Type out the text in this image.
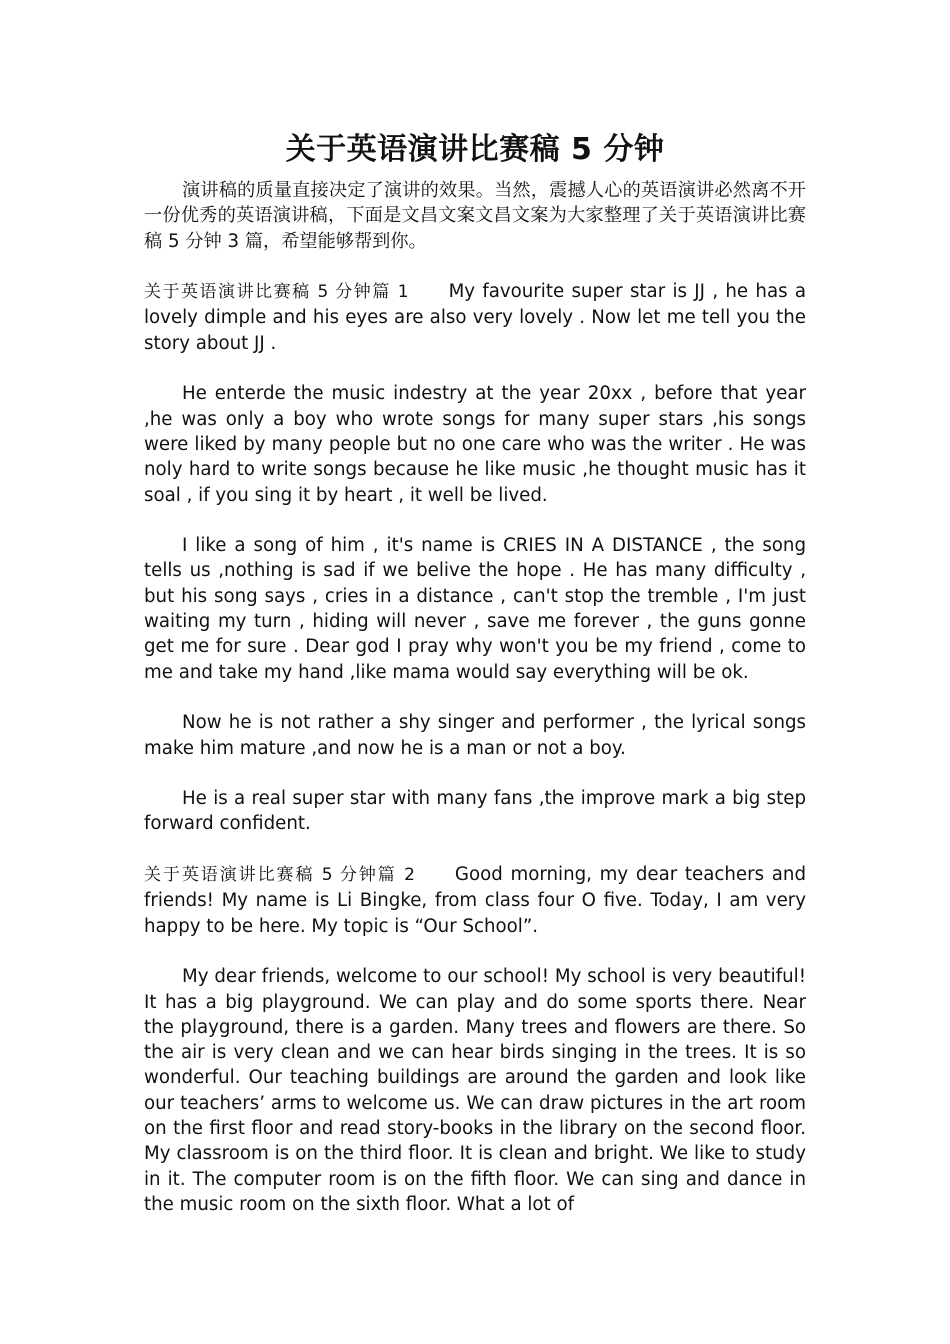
关于英语演讲比赛稿 5 分钟

演讲稿的质量直接决定了演讲的效果。当然，震撼人心的英语演讲必然离不开一份优秀的英语演讲稿，下面是文昌文案文昌文案为大家整理了关于英语演讲比赛稿 5 分钟 3 篇，希望能够帮到你。

关于英语演讲比赛稿 5 分钟篇 1 My favourite super star is JJ , he has a lovely dimple and his eyes are also very lovely . Now let me tell you the story about JJ .

He enterde the music indestry at the year 20xx , before that year ,he was only a boy who wrote songs for many super stars ,his songs were liked by many people but no one care who was the writer . He was noly hard to write songs because he like music ,he thought music has it soal , if you sing it by heart , it well be lived.

I like a song of him , it's name is CRIES IN A DISTANCE , the song tells us ,nothing is sad if we belive the hope . He has many difficulty , but his song says , cries in a distance , can't stop the tremble , I'm just waiting my turn , hiding will never , save me forever , the guns gonne get me for sure . Dear god I pray why won't you be my friend , come to me and take my hand ,like mama would say everything will be ok.

Now he is not rather a shy singer and performer , the lyrical songs make him mature ,and now he is a man or not a boy.

He is a real super star with many fans ,the improve mark a big step forward confident.

关于英语演讲比赛稿 5 分钟篇 2 Good morning, my dear teachers and friends! My name is Li Bingke, from class four O five. Today, I am very happy to be here. My topic is “Our School”.

My dear friends, welcome to our school! My school is very beautiful! It has a big playground. We can play and do some sports there. Near the playground, there is a garden. Many trees and flowers are there. So the air is very clean and we can hear birds singing in the trees. It is so wonderful. Our teaching buildings are around the garden and look like our teachers’ arms to welcome us. We can draw pictures in the art room on the first floor and read story-books in the library on the second floor. My classroom is on the third floor. It is clean and bright. We like to study in it. The computer room is on the fifth floor. We can sing and dance in the music room on the sixth floor. What a lot of
